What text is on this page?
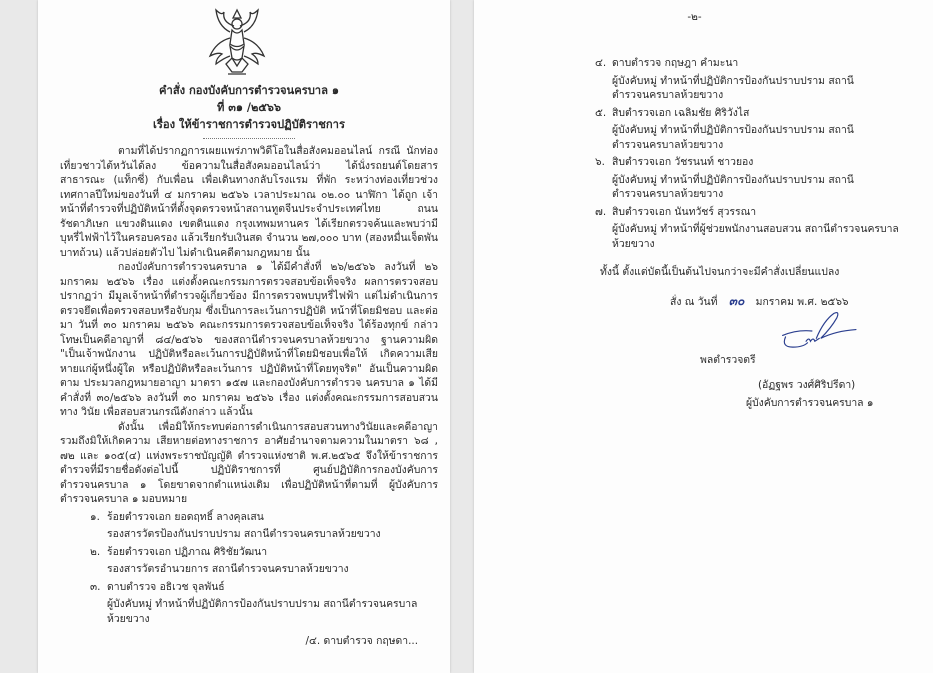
คำสั่ง กองบังคับการตำรวจนครบาล ๑
ที่ ๓๑ /๒๕๖๖
เรื่อง ให้ข้าราชการตำรวจปฏิบัติราชการ

ตามที่ได้ปรากฏการเผยแพร่ภาพวิดีโอในสื่อสังคมออนไลน์ กรณี นักท่องเที่ยวชาวไต้หวันได้ลง ข้อความในสื่อสังคมออนไลน์ว่า ได้นั่งรถยนต์โดยสารสาธารณะ (แท็กซี่) กับเพื่อน เพื่อเดินทางกลับโรงแรม ที่พัก ระหว่างท่องเที่ยวช่วงเทศกาลปีใหม่ของวันที่ ๔ มกราคม ๒๕๖๖ เวลาประมาณ ๐๒.๐๐ นาฬิกา ได้ถูก เจ้าหน้าที่ตำรวจที่ปฏิบัติหน้าที่ตั้งจุดตรวจหน้าสถานทูตจีนประจำประเทศไทย ถนนรัชดาภิเษก แขวงดินแดง เขตดินแดง กรุงเทพมหานคร ได้เรียกตรวจค้นและพบว่ามีบุหรี่ไฟฟ้าไว้ในครอบครอง แล้วเรียกรับเงินสด จำนวน ๒๗,๐๐๐ บาท (สองหมื่นเจ็ดพันบาทถ้วน) แล้วปล่อยตัวไป ไม่ดำเนินคดีตามกฎหมาย นั้น

กองบังคับการตำรวจนครบาล ๑ ได้มีคำสั่งที่ ๒๖/๒๕๖๖ ลงวันที่ ๒๖ มกราคม ๒๕๖๖ เรื่อง แต่งตั้งคณะกรรมการตรวจสอบข้อเท็จจริง ผลการตรวจสอบปรากฏว่า มีมูลเจ้าหน้าที่ตำรวจผู้เกี่ยวข้อง มีการตรวจพบบุหรี่ไฟฟ้า แต่ไม่ดำเนินการตรวจยึดเพื่อตรวจสอบหรือจับกุม ซึ่งเป็นการละเว้นการปฏิบัติ หน้าที่โดยมิชอบ และต่อมา วันที่ ๓๐ มกราคม ๒๕๖๖ คณะกรรมการตรวจสอบข้อเท็จจริง ได้ร้องทุกข์ กล่าวโทษเป็นคดีอาญาที่ ๘๔/๒๕๖๖ ของสถานีตำรวจนครบาลห้วยขวาง ฐานความผิด "เป็นเจ้าพนักงาน ปฏิบัติหรือละเว้นการปฏิบัติหน้าที่โดยมิชอบเพื่อให้ เกิดความเสียหายแก่ผู้หนึ่งผู้ใด หรือปฏิบัติหรือละเว้นการ ปฏิบัติหน้าที่โดยทุจริต" อันเป็นความผิดตาม ประมวลกฎหมายอาญา มาตรา ๑๕๗ และกองบังคับการตำรวจ นครบาล ๑ ได้มีคำสั่งที่ ๓๐/๒๕๖๖ ลงวันที่ ๓๐ มกราคม ๒๕๖๖ เรื่อง แต่งตั้งคณะกรรมการสอบสวนทาง วินัย เพื่อสอบสวนกรณีดังกล่าว แล้วนั้น

ดังนั้น เพื่อมิให้กระทบต่อการดำเนินการสอบสวนทางวินัยและคดีอาญา รวมถึงมิให้เกิดความ เสียหายต่อทางราชการ อาศัยอำนาจตามความในมาตรา ๖๘ , ๗๒ และ ๑๐๕(๔) แห่งพระราชบัญญัติ ตำรวจแห่งชาติ พ.ศ.๒๕๖๕ จึงให้ข้าราชการตำรวจที่มีรายชื่อดังต่อไปนี้ ปฏิบัติราชการที่	ศูนย์ปฏิบัติการกองบังคับการตำรวจนครบาล ๑ โดยขาดจากตำแหน่งเดิม เพื่อปฏิบัติหน้าที่ตามที่ ผู้บังคับการตำรวจนครบาล ๑ มอบหมาย

๑. ร้อยตำรวจเอก ยอดฤทธิ์ ลางคุลเสน
รองสารวัตรป้องกันปราบปราม สถานีตำรวจนครบาลห้วยขวาง
๒. ร้อยตำรวจเอก ปฏิภาณ ศิริชัยวัฒนา
รองสารวัตรอำนวยการ สถานีตำรวจนครบาลห้วยขวาง
๓. ดาบตำรวจ อธิเวช จุลพันธ์
ผู้บังคับหมู่ ทำหน้าที่ปฏิบัติการป้องกันปราบปราม สถานีตำรวจนครบาลห้วยขวาง
/๔. ดาบตำรวจ กฤษดา...
-๒-
๔. ดาบตำรวจ กฤษฎา คำมะนา
ผู้บังคับหมู่ ทำหน้าที่ปฏิบัติการป้องกันปราบปราม สถานีตำรวจนครบาลห้วยขวาง
๕. สิบตำรวจเอก เฉลิมชัย ศิริวังไส
ผู้บังคับหมู่ ทำหน้าที่ปฏิบัติการป้องกันปราบปราม สถานีตำรวจนครบาลห้วยขวาง
๖. สิบตำรวจเอก วัชรนนท์ ชาวยอง
ผู้บังคับหมู่ ทำหน้าที่ปฏิบัติการป้องกันปราบปราม สถานีตำรวจนครบาลห้วยขวาง
๗. สิบตำรวจเอก นันทวัชร์ สุวรรณา
ผู้บังคับหมู่ ทำหน้าที่ผู้ช่วยพนักงานสอบสวน สถานีตำรวจนครบาลห้วยขวาง
ทั้งนี้ ตั้งแต่บัดนี้เป็นต้นไปจนกว่าจะมีคำสั่งเปลี่ยนแปลง
สั่ง ณ วันที่ ๓๐ มกราคม พ.ศ. ๒๕๖๖
พลตำรวจตรี
(อัฏฐพร วงศ์ศิริปรีดา)
ผู้บังคับการตำรวจนครบาล ๑
